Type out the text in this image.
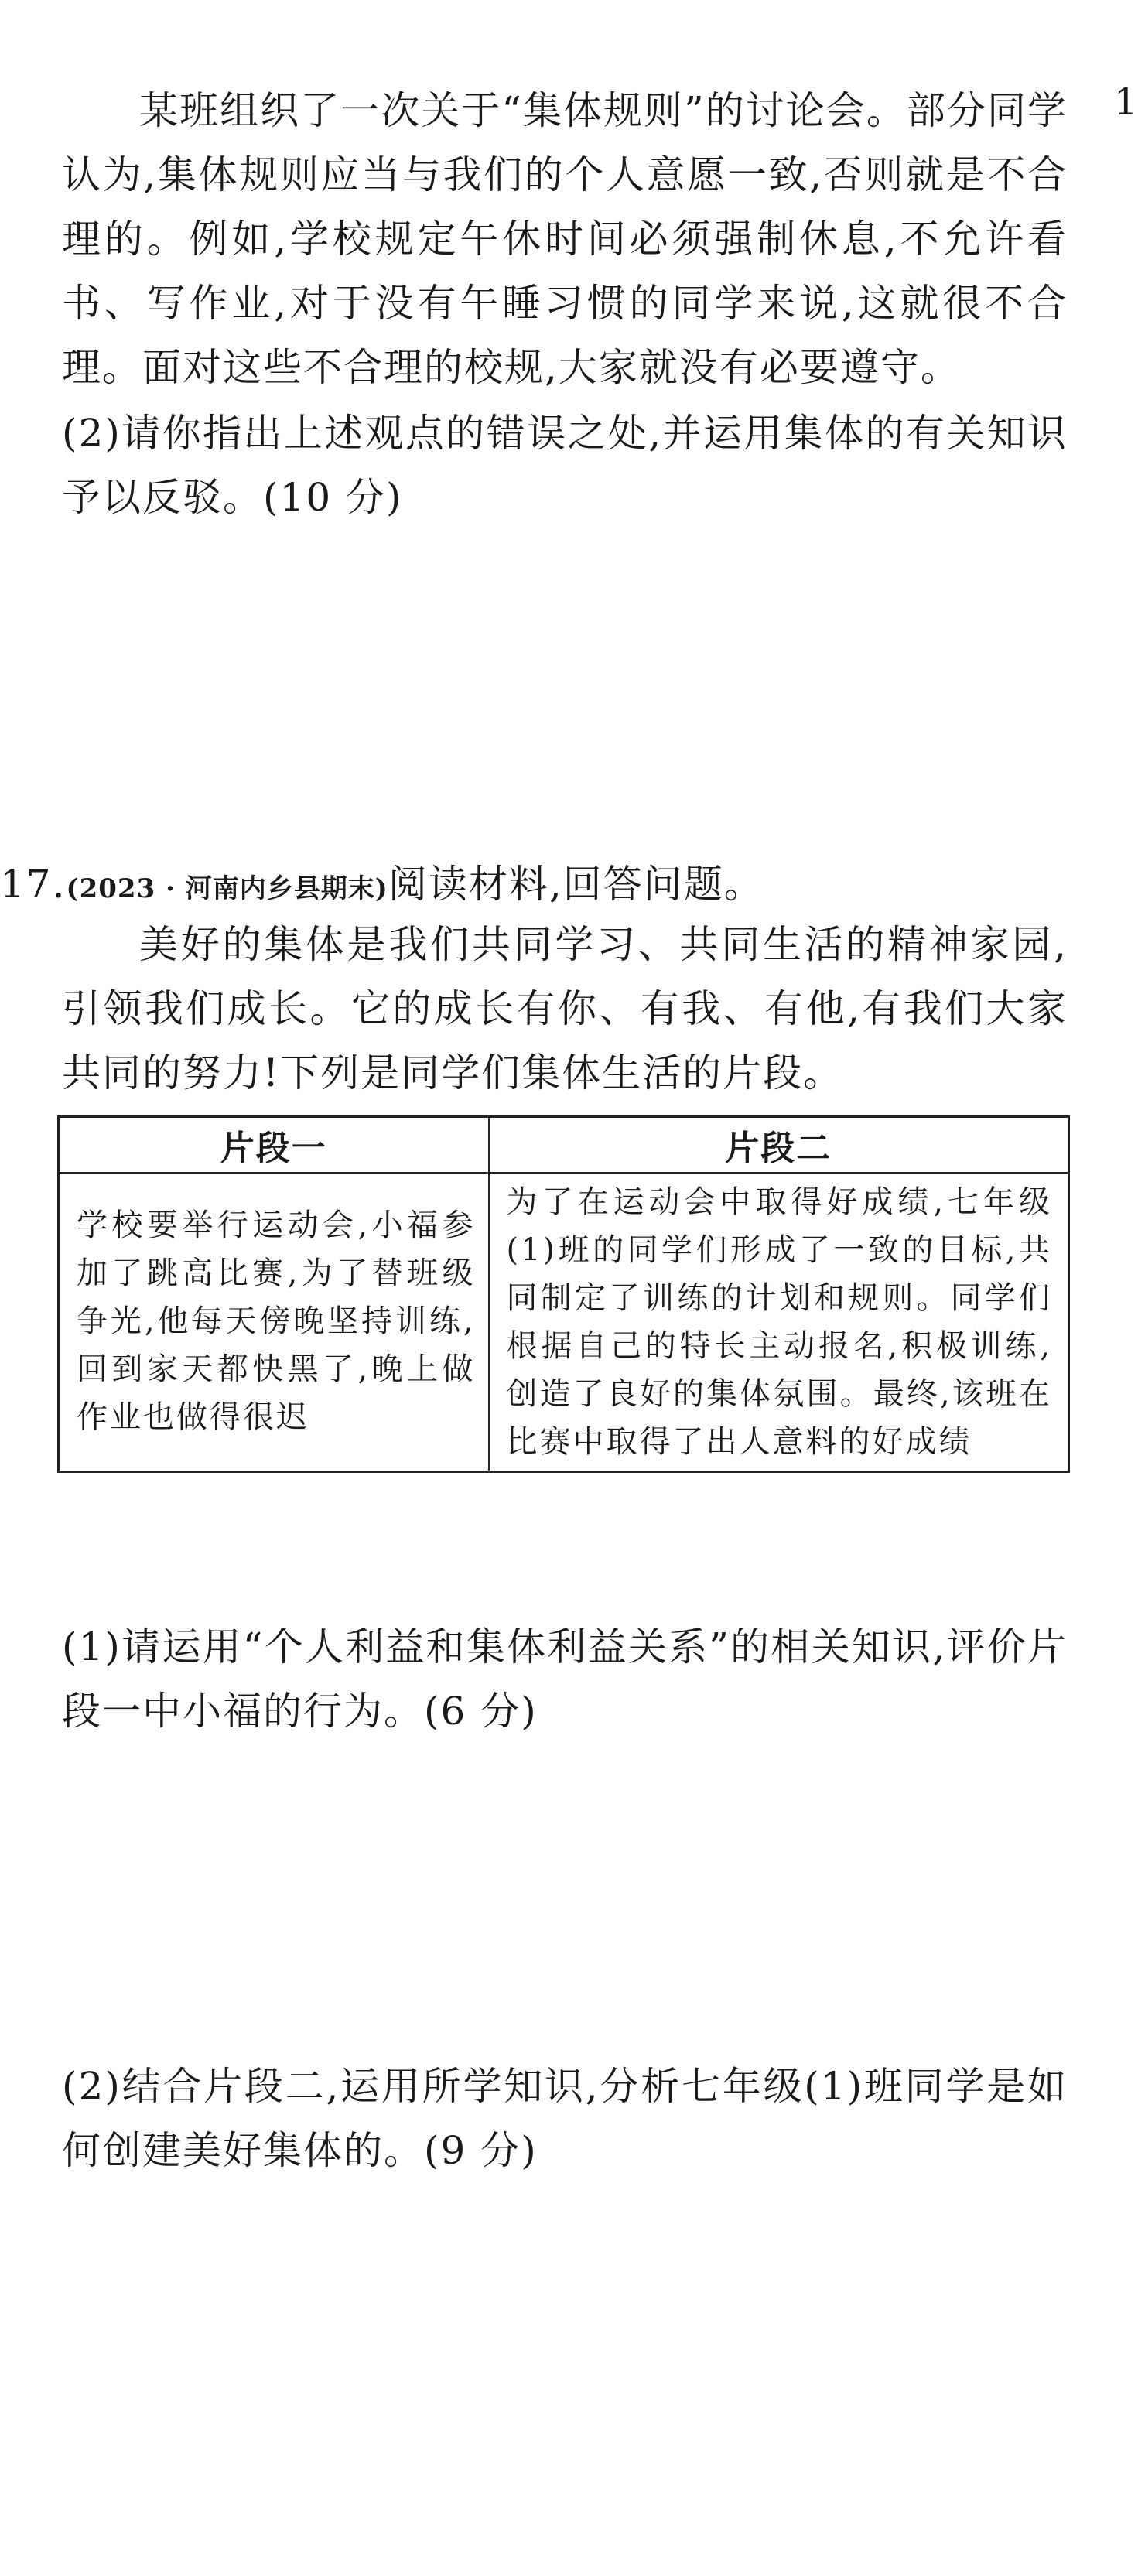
1

某班组织了一次关于“集体规则”的讨论会。部分同学认为,集体规则应当与我们的个人意愿一致,否则就是不合理的。例如,学校规定午休时间必须强制休息,不允许看书、写作业,对于没有午睡习惯的同学来说,这就很不合理。面对这些不合理的校规,大家就没有必要遵守。

(2)请你指出上述观点的错误之处,并运用集体的有关知识予以反驳。(10 分)

17.(2023 · 河南内乡县期末)阅读材料,回答问题。

美好的集体是我们共同学习、共同生活的精神家园,引领我们成长。它的成长有你、有我、有他,有我们大家共同的努力!下列是同学们集体生活的片段。

片段一	片段二
学校要举行运动会,小福参加了跳高比赛,为了替班级争光,他每天傍晚坚持训练,回到家天都快黑了,晚上做作业也做得很迟	为了在运动会中取得好成绩,七年级(1)班的同学们形成了一致的目标,共同制定了训练的计划和规则。同学们根据自己的特长主动报名,积极训练,创造了良好的集体氛围。最终,该班在比赛中取得了出人意料的好成绩

(1)请运用“个人利益和集体利益关系”的相关知识,评价片段一中小福的行为。(6 分)

(2)结合片段二,运用所学知识,分析七年级(1)班同学是如何创建美好集体的。(9 分)
